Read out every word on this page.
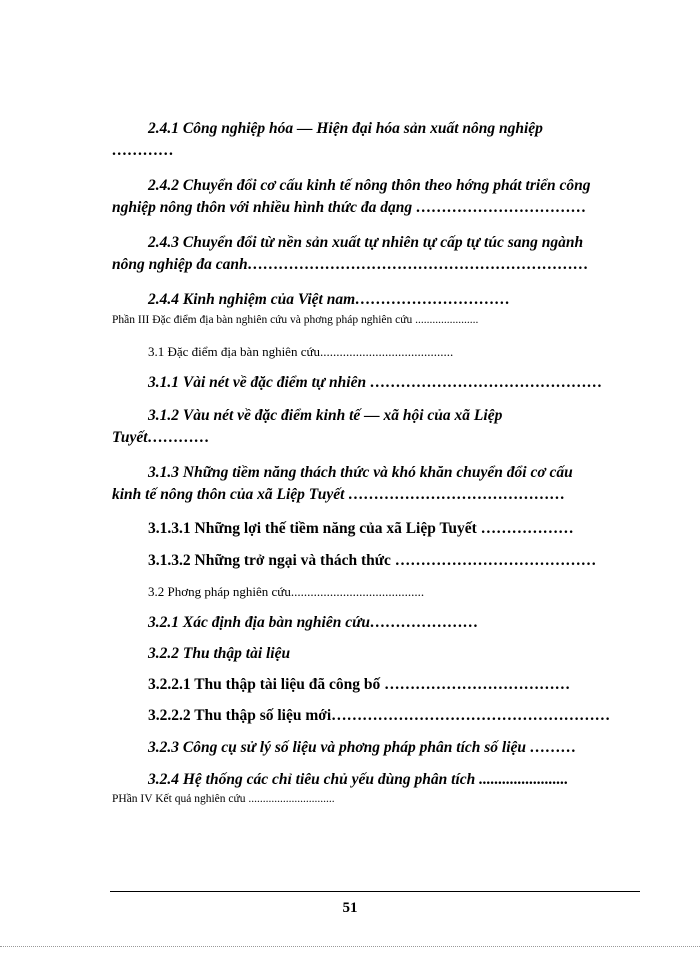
2.4.1 Công nghiệp hóa — Hiện đại hóa sản xuất nông nghiệp

…………

2.4.2 Chuyển đổi cơ cấu kinh tế nông thôn theo hớng phát triển công

nghiệp nông thôn với nhiều hình thức đa dạng ……………………………

2.4.3 Chuyển đổi từ nền sản xuất tự nhiên tự cấp tự túc sang ngành

nông nghiệp đa canh…………………………………………………………

2.4.4 Kinh nghiệm của Việt nam…………………………

Phần III Đặc điểm địa bàn nghiên cứu và phơng pháp nghiên cứu ......................

3.1 Đặc điểm địa bàn nghiên cứu.........................................

3.1.1 Vài nét về đặc điểm tự nhiên ………………………………………

3.1.2 Vàu nét về đặc điểm kinh tế — xã hội của xã Liệp

Tuyết…………

3.1.3 Những tiềm năng thách thức và khó khăn chuyển đổi cơ cấu

kinh tế nông thôn của xã Liệp Tuyết ……………………………………

3.1.3.1 Những lợi thế tiềm năng của xã Liệp Tuyết ………………

3.1.3.2 Những trở ngại và thách thức …………………………………

3.2 Phơng pháp nghiên cứu.........................................

3.2.1 Xác định địa bàn nghiên cứu…………………

3.2.2 Thu thập tài liệu

3.2.2.1 Thu thập tài liệu đã công bố ………………………………

3.2.2.2 Thu thập số liệu mới………………………………………………

3.2.3 Công cụ sử lý số liệu và phơng pháp phân tích số liệu ………

3.2.4 Hệ thống các chỉ tiêu chủ yếu dùng phân tích .......................

PHần IV Kết quả nghiên cứu ..............................

51
